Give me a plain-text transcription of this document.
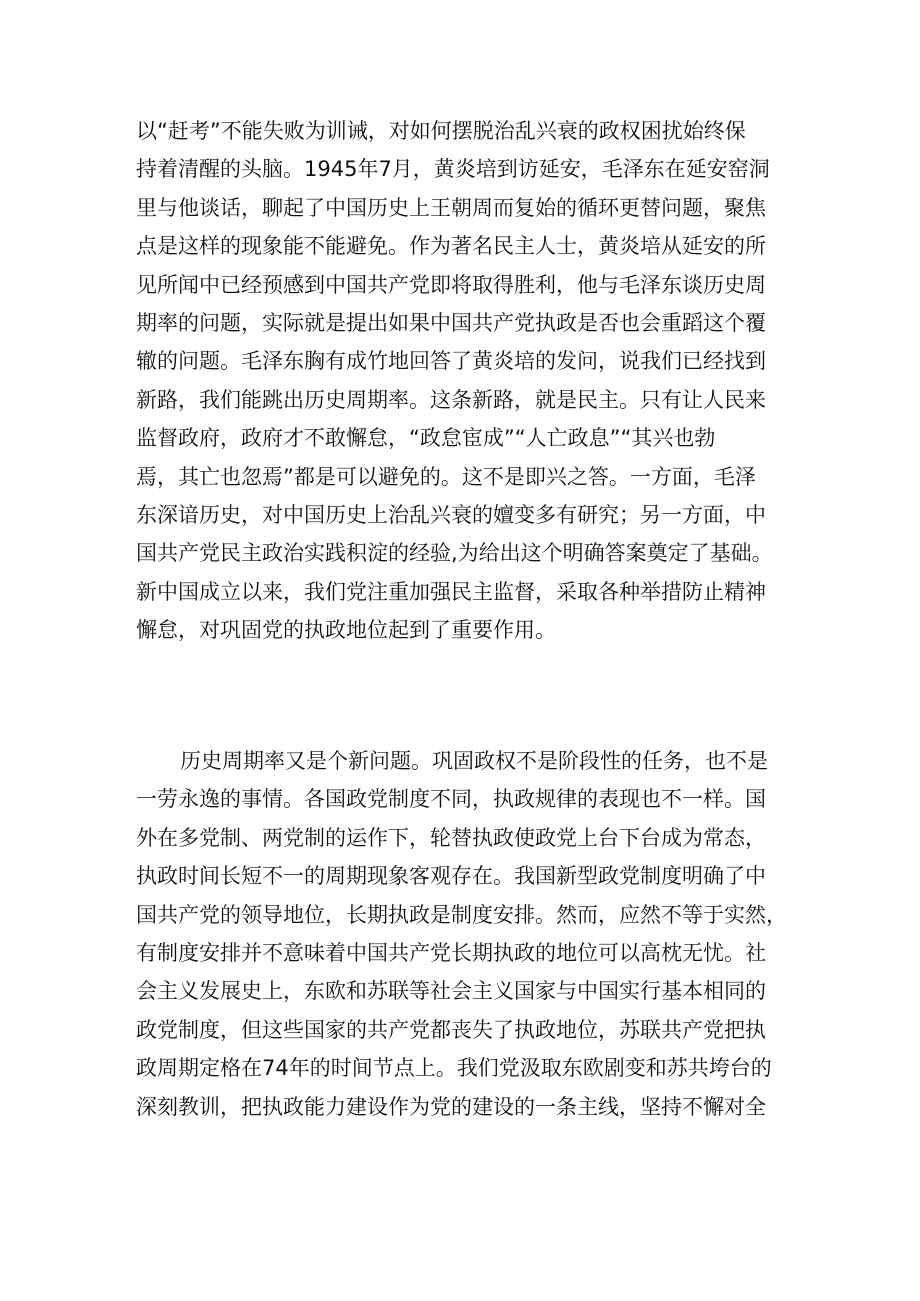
以“赶考”不能失败为训诫，对如何摆脱治乱兴衰的政权困扰始终保
持着清醒的头脑。1945年7月，黄炎培到访延安，毛泽东在延安窑洞
里与他谈话，聊起了中国历史上王朝周而复始的循环更替问题，聚焦
点是这样的现象能不能避免。作为著名民主人士，黄炎培从延安的所
见所闻中已经预感到中国共产党即将取得胜利，他与毛泽东谈历史周
期率的问题，实际就是提出如果中国共产党执政是否也会重蹈这个覆
辙的问题。毛泽东胸有成竹地回答了黄炎培的发问，说我们已经找到
新路，我们能跳出历史周期率。这条新路，就是民主。只有让人民来
监督政府，政府才不敢懈怠，“政怠宦成”“人亡政息”“其兴也勃
焉，其亡也忽焉”都是可以避免的。这不是即兴之答。一方面，毛泽
东深谙历史，对中国历史上治乱兴衰的嬗变多有研究；另一方面，中
国共产党民主政治实践积淀的经验,为给出这个明确答案奠定了基础。
新中国成立以来，我们党注重加强民主监督，采取各种举措防止精神
懈怠，对巩固党的执政地位起到了重要作用。
历史周期率又是个新问题。巩固政权不是阶段性的任务，也不是
一劳永逸的事情。各国政党制度不同，执政规律的表现也不一样。国
外在多党制、两党制的运作下，轮替执政使政党上台下台成为常态，
执政时间长短不一的周期现象客观存在。我国新型政党制度明确了中
国共产党的领导地位，长期执政是制度安排。然而，应然不等于实然，
有制度安排并不意味着中国共产党长期执政的地位可以高枕无忧。社
会主义发展史上，东欧和苏联等社会主义国家与中国实行基本相同的
政党制度，但这些国家的共产党都丧失了执政地位，苏联共产党把执
政周期定格在74年的时间节点上。我们党汲取东欧剧变和苏共垮台的
深刻教训，把执政能力建设作为党的建设的一条主线，坚持不懈对全
